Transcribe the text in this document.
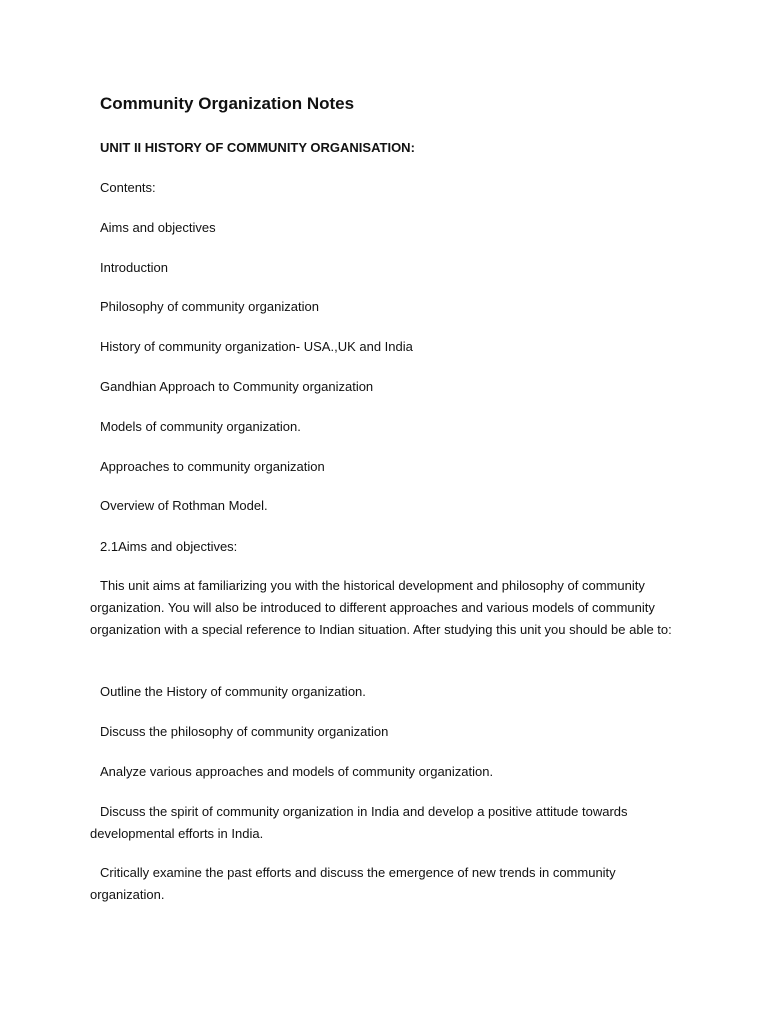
Community Organization Notes
UNIT II HISTORY OF COMMUNITY ORGANISATION:
Contents:
Aims and objectives
Introduction
Philosophy of community organization
History of community organization- USA.,UK and India
Gandhian Approach to Community organization
Models of community organization.
Approaches to community organization
Overview of Rothman Model.
2.1Aims and objectives:
This unit aims at familiarizing you with the historical development and philosophy of community organization. You will also be introduced to different approaches and various models of community organization with a special reference to Indian situation. After studying this unit you should be able to:
Outline the History of community organization.
Discuss the philosophy of community organization
Analyze various approaches and models of community organization.
Discuss the spirit of community organization in India and develop a positive attitude towards developmental efforts in India.
Critically examine the past efforts and discuss the emergence of new trends in community organization.
